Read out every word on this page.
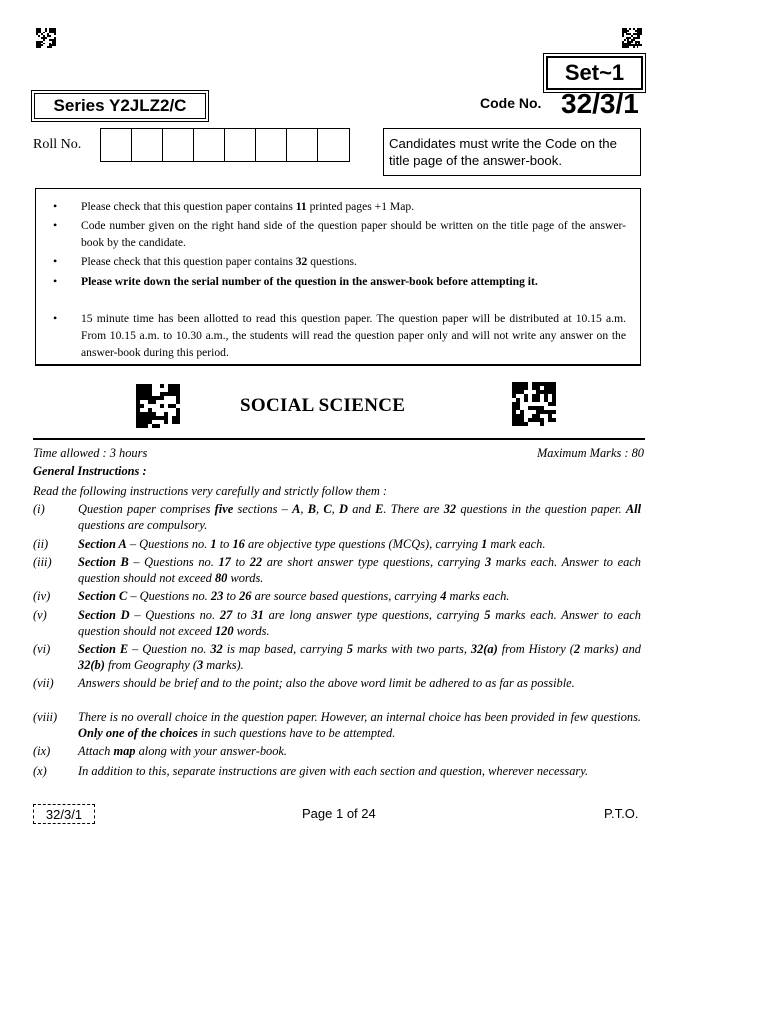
Set~1
Series Y2JLZ2/C	Code No. 32/3/1
Roll No.	Candidates must write the Code on the title page of the answer-book.
• Please check that this question paper contains 11 printed pages +1 Map.
• Code number given on the right hand side of the question paper should be written on the title page of the answer-book by the candidate.
• Please check that this question paper contains 32 questions.
• Please write down the serial number of the question in the answer-book before attempting it.
• 15 minute time has been allotted to read this question paper. The question paper will be distributed at 10.15 a.m. From 10.15 a.m. to 10.30 a.m., the students will read the question paper only and will not write any answer on the answer-book during this period.
SOCIAL SCIENCE
Time allowed : 3 hours	Maximum Marks : 80
General Instructions :
Read the following instructions very carefully and strictly follow them :
(i)	Question paper comprises five sections – A, B, C, D and E. There are 32 questions in the question paper. All questions are compulsory.
(ii) Section A – Questions no. 1 to 16 are objective type questions (MCQs), carrying 1 mark each.
(iii) Section B – Questions no. 17 to 22 are short answer type questions, carrying 3 marks each. Answer to each question should not exceed 80 words.
(iv) Section C – Questions no. 23 to 26 are source based questions, carrying 4 marks each.
(v)	Section D – Questions no. 27 to 31 are long answer type questions, carrying 5 marks each. Answer to each question should not exceed 120 words.
(vi) Section E – Question no. 32 is map based, carrying 5 marks with two parts, 32(a) from History (2 marks) and 32(b) from Geography (3 marks).
(vii) Answers should be brief and to the point; also the above word limit be adhered to as far as possible.
(viii) There is no overall choice in the question paper. However, an internal choice has been provided in few questions. Only one of the choices in such questions have to be attempted.
(ix) Attach map along with your answer-book.
(x)	In addition to this, separate instructions are given with each section and question, wherever necessary.
32/3/1	Page 1 of 24	P.T.O.
